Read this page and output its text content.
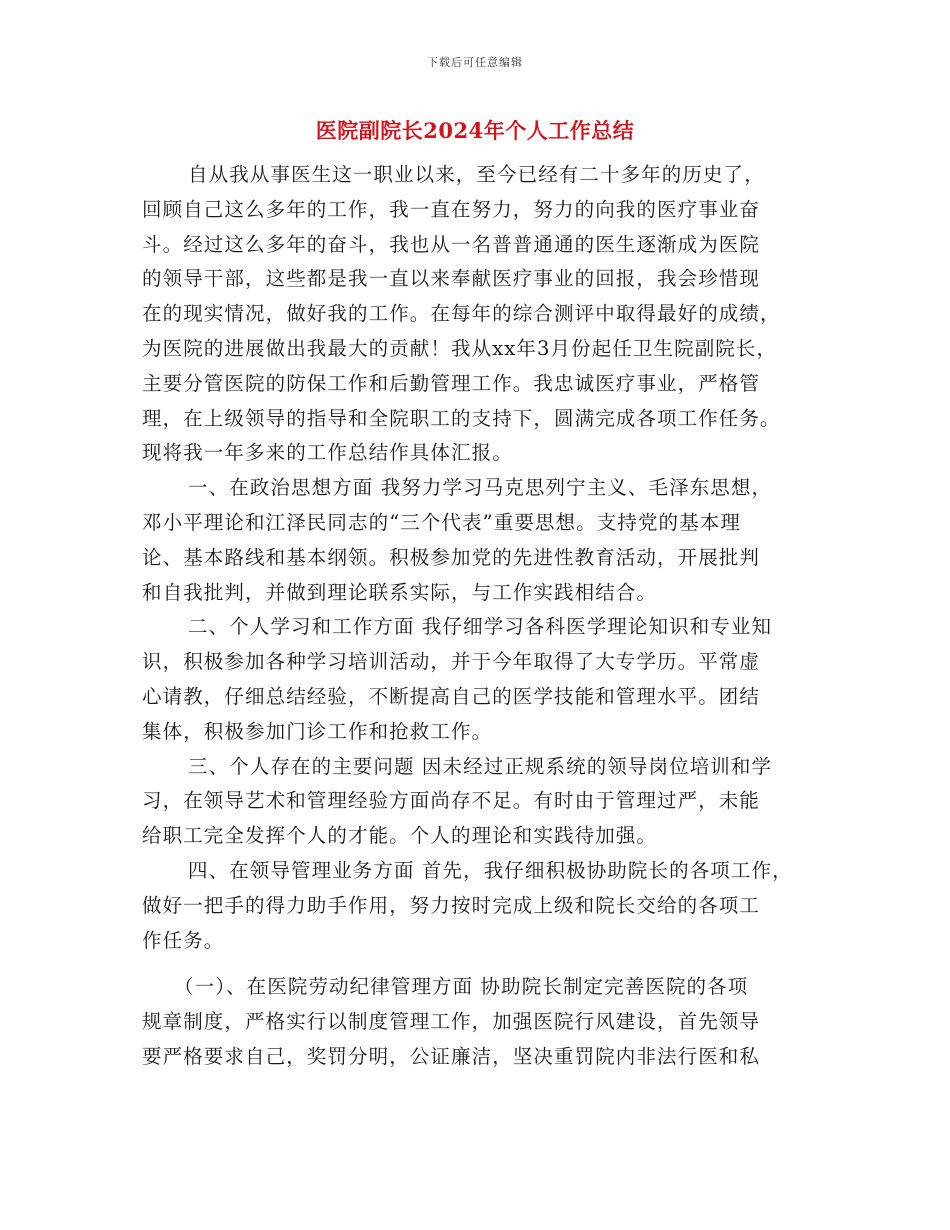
下载后可任意编辑
医院副院长2024年个人工作总结
自从我从事医生这一职业以来，至今已经有二十多年的历史了，
回顾自己这么多年的工作，我一直在努力，努力的向我的医疗事业奋
斗。经过这么多年的奋斗，我也从一名普普通通的医生逐渐成为医院
的领导干部，这些都是我一直以来奉献医疗事业的回报，我会珍惜现
在的现实情况，做好我的工作。在每年的综合测评中取得最好的成绩，
为医院的进展做出我最大的贡献！我从xx年3月份起任卫生院副院长，
主要分管医院的防保工作和后勤管理工作。我忠诚医疗事业，严格管
理，在上级领导的指导和全院职工的支持下，圆满完成各项工作任务。
现将我一年多来的工作总结作具体汇报。
一、在政治思想方面 我努力学习马克思列宁主义、毛泽东思想，
邓小平理论和江泽民同志的“三个代表”重要思想。支持党的基本理
论、基本路线和基本纲领。积极参加党的先进性教育活动，开展批判
和自我批判，并做到理论联系实际，与工作实践相结合。
二、个人学习和工作方面 我仔细学习各科医学理论知识和专业知
识，积极参加各种学习培训活动，并于今年取得了大专学历。平常虚
心请教，仔细总结经验，不断提高自己的医学技能和管理水平。团结
集体，积极参加门诊工作和抢救工作。
三、个人存在的主要问题 因未经过正规系统的领导岗位培训和学
习，在领导艺术和管理经验方面尚存不足。有时由于管理过严，未能
给职工完全发挥个人的才能。个人的理论和实践待加强。
四、在领导管理业务方面 首先，我仔细积极协助院长的各项工作，
做好一把手的得力助手作用，努力按时完成上级和院长交给的各项工
作任务。
（一）、在医院劳动纪律管理方面 协助院长制定完善医院的各项
规章制度，严格实行以制度管理工作，加强医院行风建设，首先领导
要严格要求自己，奖罚分明，公证廉洁，坚决重罚院内非法行医和私
